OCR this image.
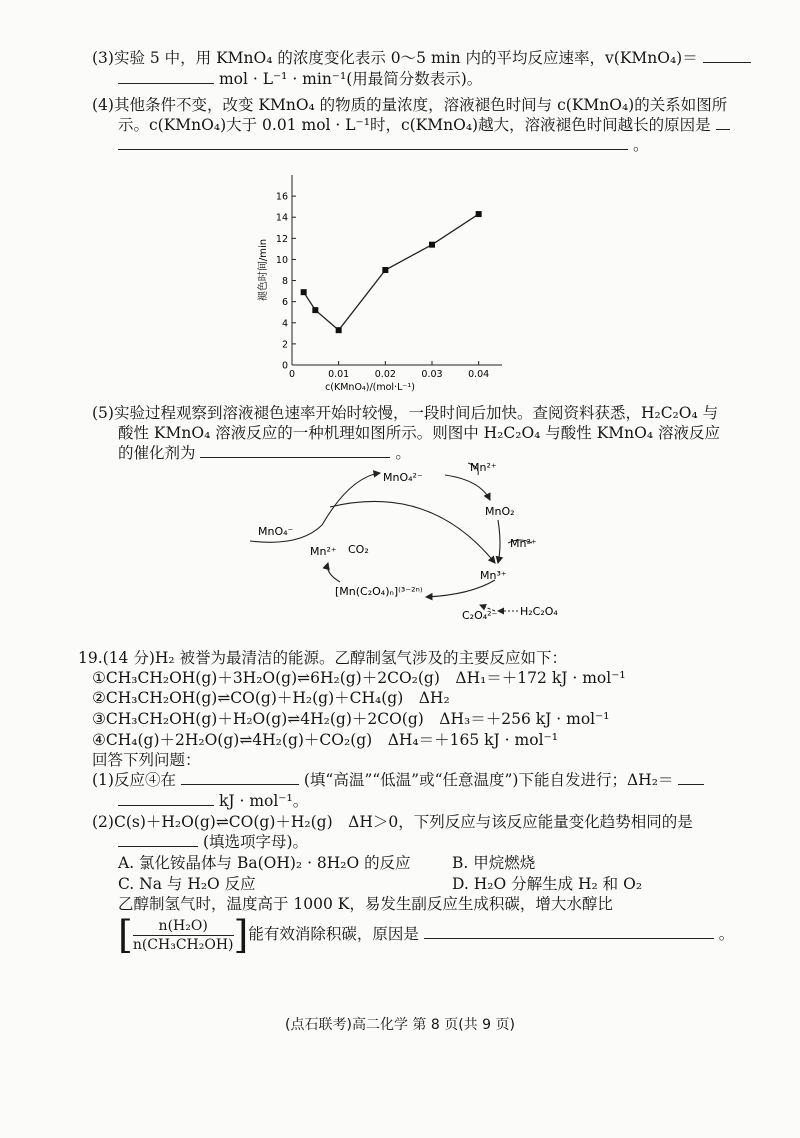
(3)实验 5 中，用 KMnO₄ 的浓度变化表示 0～5 min 内的平均反应速率，v(KMnO₄)＝
mol · L⁻¹ · min⁻¹(用最简分数表示)。
(4)其他条件不变，改变 KMnO₄ 的物质的量浓度，溶液褪色时间与 c(KMnO₄)的关系如图所
示。c(KMnO₄)大于 0.01 mol · L⁻¹时，c(KMnO₄)越大，溶液褪色时间越长的原因是
。
0
2
4
6
8
10
12
14
16
0	0.01	0.02	0.03	0.04
褪色时间/min
c(KMnO₄)/(mol·L⁻¹)
(5)实验过程观察到溶液褪色速率开始时较慢，一段时间后加快。查阅资料获悉，H₂C₂O₄ 与
酸性 KMnO₄ 溶液反应的一种机理如图所示。则图中 H₂C₂O₄ 与酸性 KMnO₄ 溶液反应
的催化剂为	。
MnO₄⁻
MnO₄²⁻
Mn²⁺
MnO₂
Mn²⁺
Mn³⁺
Mn²⁺ CO₂
[Mn(C₂O₄)ₙ]⁽³⁻²ⁿ⁾
C₂O₄²⁻ H₂C₂O₄
19.(14 分)H₂ 被誉为最清洁的能源。乙醇制氢气涉及的主要反应如下：
①CH₃CH₂OH(g)＋3H₂O(g)⇌6H₂(g)＋2CO₂(g)　ΔH₁＝＋172 kJ · mol⁻¹
②CH₃CH₂OH(g)⇌CO(g)＋H₂(g)＋CH₄(g)　ΔH₂
③CH₃CH₂OH(g)＋H₂O(g)⇌4H₂(g)＋2CO(g)　ΔH₃＝＋256 kJ · mol⁻¹
④CH₄(g)＋2H₂O(g)⇌4H₂(g)＋CO₂(g)　ΔH₄＝＋165 kJ · mol⁻¹
回答下列问题：
(1)反应④在	(填“高温”“低温”或“任意温度”)下能自发进行；ΔH₂＝
kJ · mol⁻¹。
(2)C(s)＋H₂O(g)⇌CO(g)＋H₂(g)　ΔH＞0，下列反应与该反应能量变化趋势相同的是
(填选项字母)。
A. 氯化铵晶体与 Ba(OH)₂ · 8H₂O 的反应	B. 甲烷燃烧
C. Na 与 H₂O 反应	D. H₂O 分解生成 H₂ 和 O₂
乙醇制氢气时，温度高于 1000 K，易发生副反应生成积碳，增大水醇比
[ $\frac{\text{n(H₂O)}}{\text{n(CH₃CH₂OH)}}$ ]能有效消除积碳，原因是	。
(点石联考)高二化学 第 8 页(共 9 页)
